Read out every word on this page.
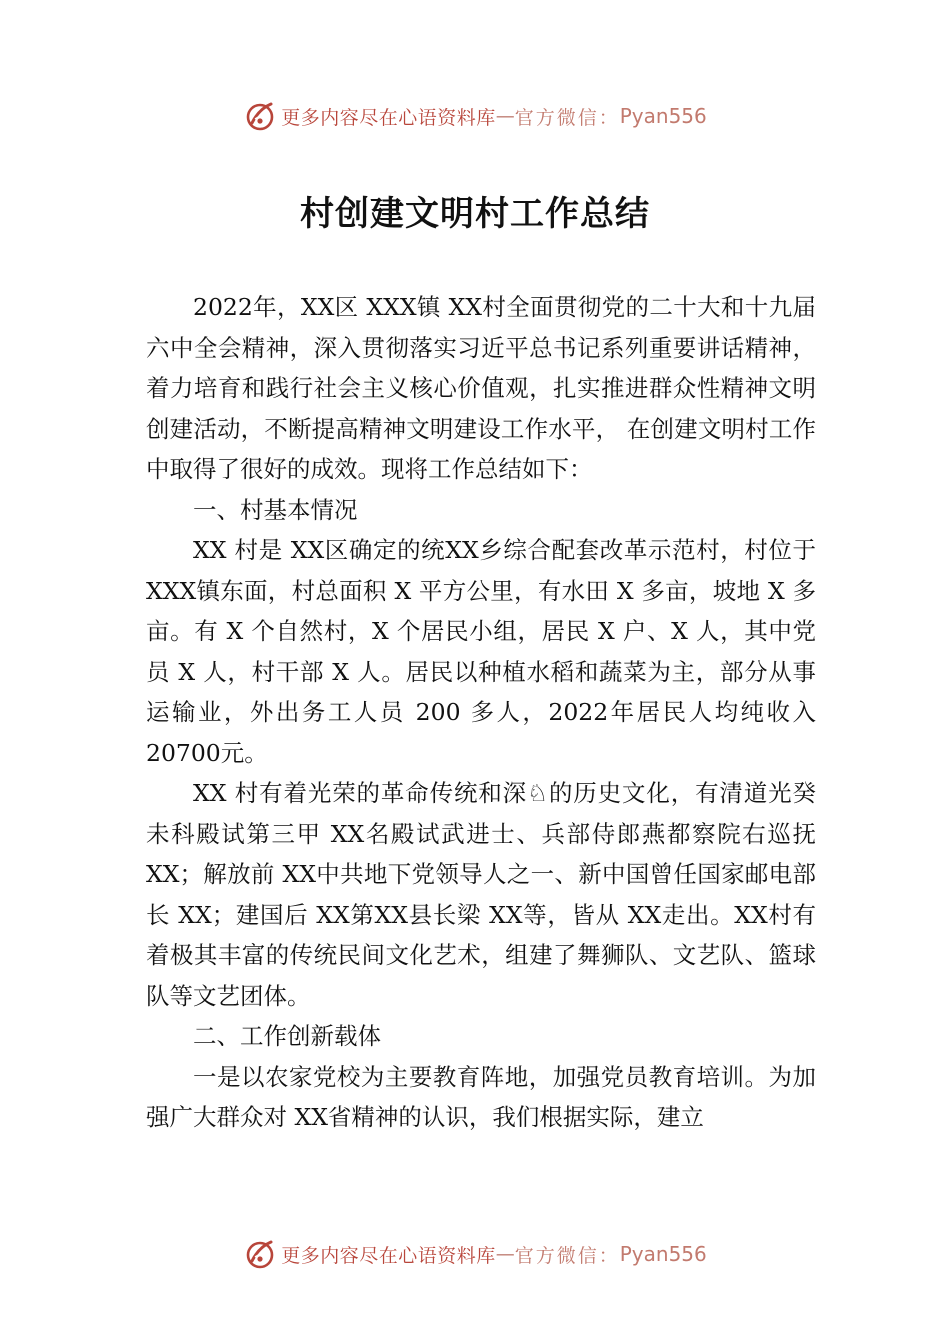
更多内容尽在心语资料库 — 官方微信： Pyan556
村创建文明村工作总结

2022年，XX区 XXX镇 XX村全面贯彻党的二十大和十九届六中全会精神，深入贯彻落实习近平总书记系列重要讲话精神，着力培育和践行社会主义核心价值观，扎实推进群众性精神文明创建活动，不断提高精神文明建设工作水平， 在创建文明村工作中取得了很好的成效。现将工作总结如下：

一、村基本情况

XX 村是 XX区确定的统XX乡综合配套改革示范村，村位于 XXX镇东面，村总面积 X 平方公里，有水田 X 多亩，坡地 X 多亩。有 X 个自然村，X 个居民小组，居民 X 户、X 人，其中党员 X 人，村干部 X 人。居民以种植水稻和蔬菜为主，部分从事运输业，外出务工人员 200 多人，2022年居民人均纯收入 20700元。

XX 村有着光荣的革命传统和深♘的历史文化，有清道光癸未科殿试第三甲 XX名殿试武进士、兵部侍郎燕都察院右巡抚 XX；解放前 XX中共地下党领导人之一、新中国曾任国家邮电部长 XX；建国后 XX第XX县长梁 XX等，皆从 XX走出。XX村有着极其丰富的传统民间文化艺术，组建了舞狮队、文艺队、篮球队等文艺团体。

二、工作创新载体

一是以农家党校为主要教育阵地，加强党员教育培训。为加强广大群众对 XX省精神的认识，我们根据实际，建立

更多内容尽在心语资料库 — 官方微信： Pyan556
